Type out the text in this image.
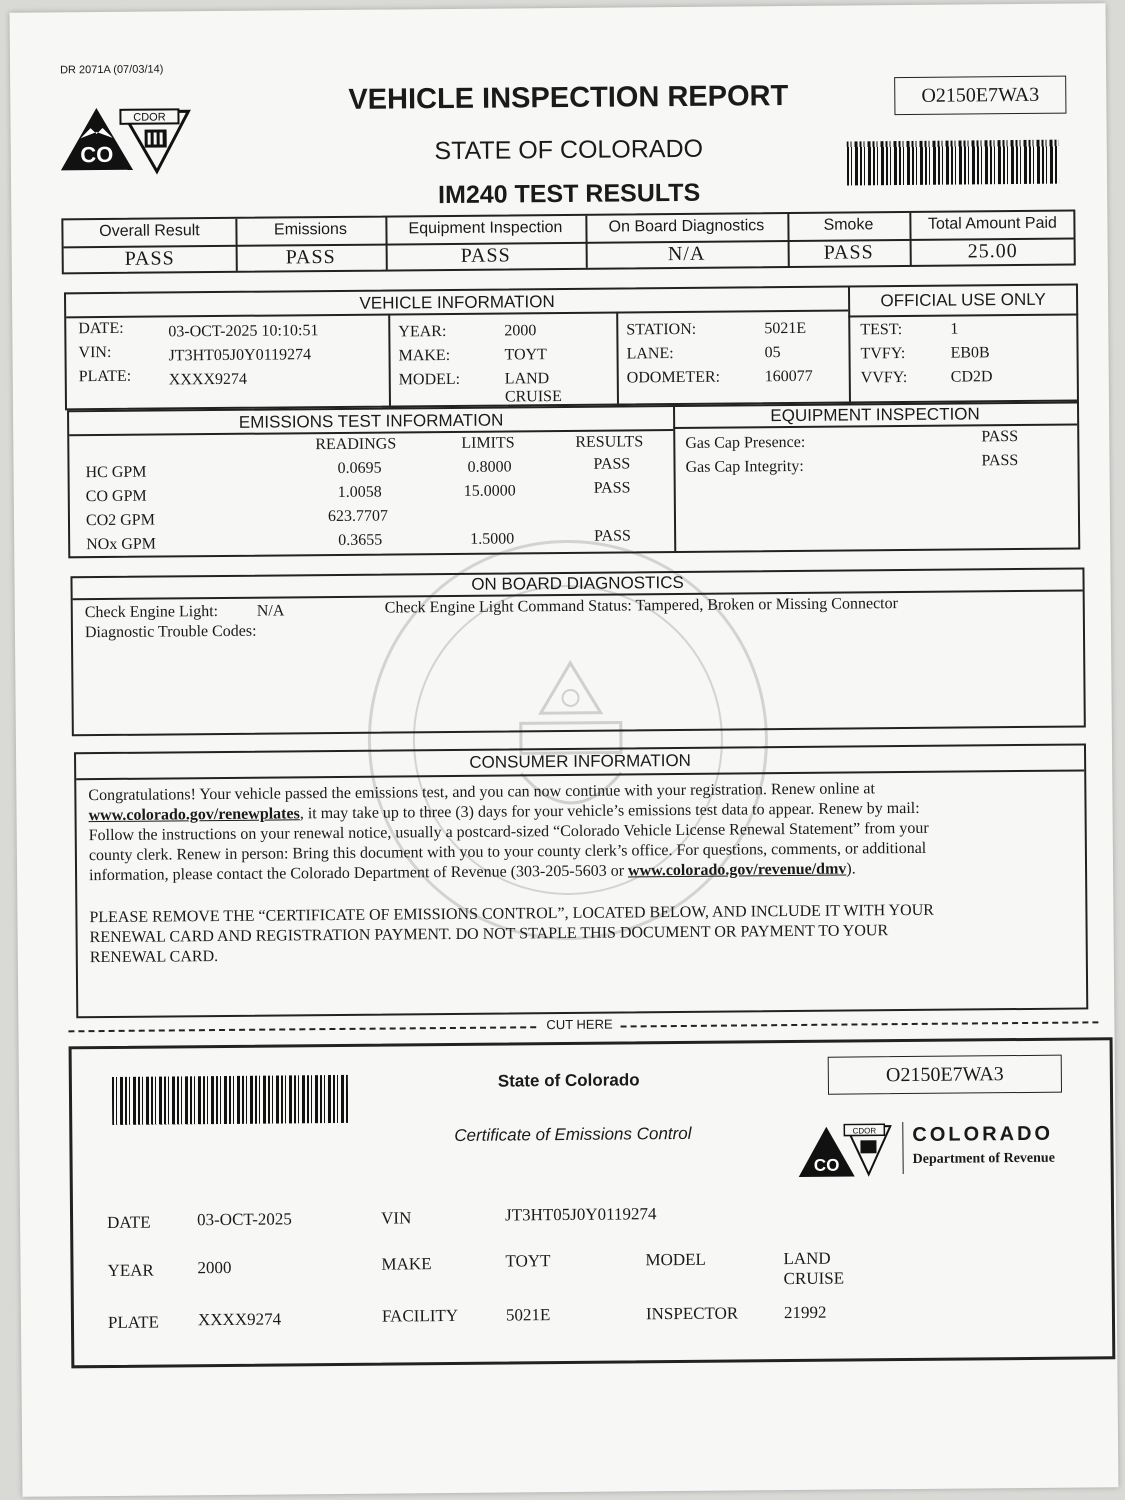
DR 2071A (07/03/14)
CO
CDOR
VEHICLE INSPECTION REPORT
STATE OF COLORADO
IM240 TEST RESULTS
O2150E7WA3
Overall Result	Emissions	Equipment Inspection	On Board Diagnostics	Smoke	Total Amount Paid
PASS	PASS	PASS	N/A	PASS	25.00
VEHICLE INFORMATION	OFFICIAL USE ONLY
DATE:	03-OCT-2025 10:10:51
VIN:	JT3HT05J0Y0119274
PLATE: XXXX9274
YEAR:	2000
MAKE:	TOYT
MODEL:	LAND
CRUISE
STATION:	5021E
LANE:	05
ODOMETER:	160077
TEST:	1
TVFY:	EB0B
VVFY:	CD2D
EMISSIONS TEST INFORMATION	EQUIPMENT INSPECTION
READINGS	LIMITS	RESULTS
HC GPM	0.0695	0.8000	PASS
CO GPM	1.0058	15.0000	PASS
CO2 GPM	623.7707
NOx GPM	0.3655	1.5000	PASS
Gas Cap Presence:	PASS
Gas Cap Integrity:	PASS
ON BOARD DIAGNOSTICS
Check Engine Light: N/A
Diagnostic Trouble Codes:
Check Engine Light Command Status: Tampered, Broken or Missing Connector
CONSUMER INFORMATION
Congratulations! Your vehicle passed the emissions test, and you can now continue with your registration. Renew online at
www.colorado.gov/renewplates, it may take up to three (3) days for your vehicle’s emissions test data to appear. Renew by mail:
Follow the instructions on your renewal notice, usually a postcard-sized “Colorado Vehicle License Renewal Statement” from your
county clerk. Renew in person: Bring this document with you to your county clerk’s office. For questions, comments, or additional
information, please contact the Colorado Department of Revenue (303-205-5603 or www.colorado.gov/revenue/dmv).
PLEASE REMOVE THE “CERTIFICATE OF EMISSIONS CONTROL”, LOCATED BELOW, AND INCLUDE IT WITH YOUR
RENEWAL CARD AND REGISTRATION PAYMENT. DO NOT STAPLE THIS DOCUMENT OR PAYMENT TO YOUR
RENEWAL CARD.
CUT HERE
State of Colorado
Certificate of Emissions Control
O2150E7WA3
CO
CDOR COLORADO
Department of Revenue
DATE	03-OCT-2025	VIN	JT3HT05J0Y0119274
YEAR	2000	MAKE	TOYT	MODEL	LAND
CRUISE
PLATE XXXX9274	FACILITY	5021E	INSPECTOR	21992
